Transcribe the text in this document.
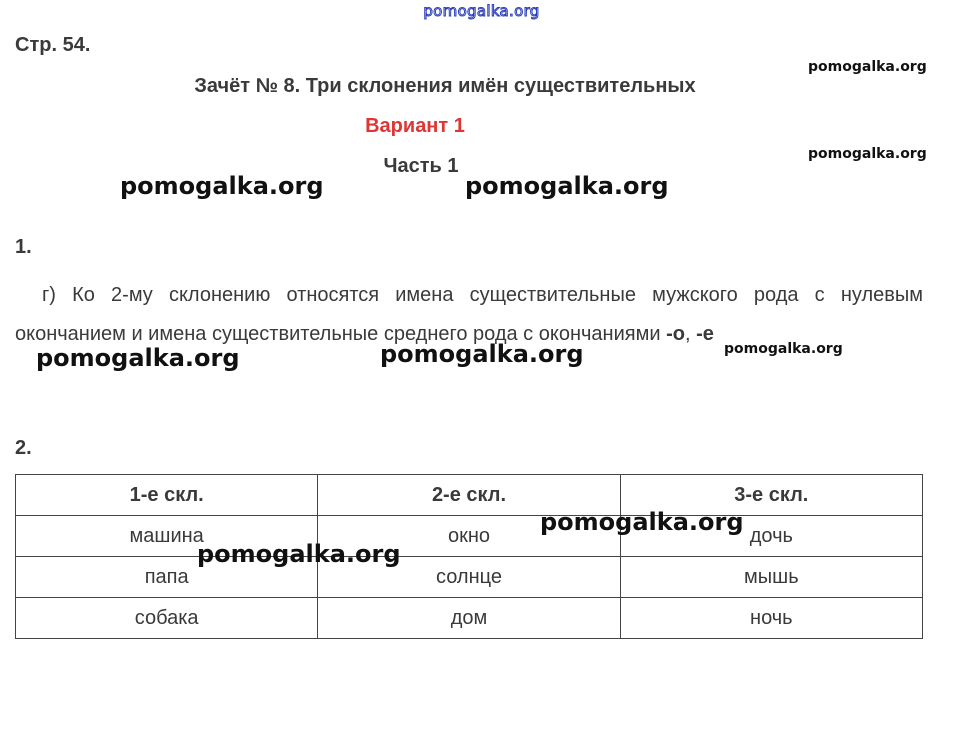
pomogalka.org
Стр. 54.
Зачёт № 8. Три склонения имён существительных
Вариант 1
Часть 1
1.
г) Ко 2-му склонению относятся имена существительные мужского рода с нулевым окончанием и имена существительные среднего рода с окончаниями -о, -е
2.
1-е скл.	2-е скл.	3-е скл.
машина	окно	дочь
папа	солнце	мышь
собака	дом	ночь
pomogalka.org
pomogalka.org
pomogalka.org	pomogalka.org
pomogalka.org	pomogalka.org	pomogalka.org
pomogalka.org
pomogalka.org
